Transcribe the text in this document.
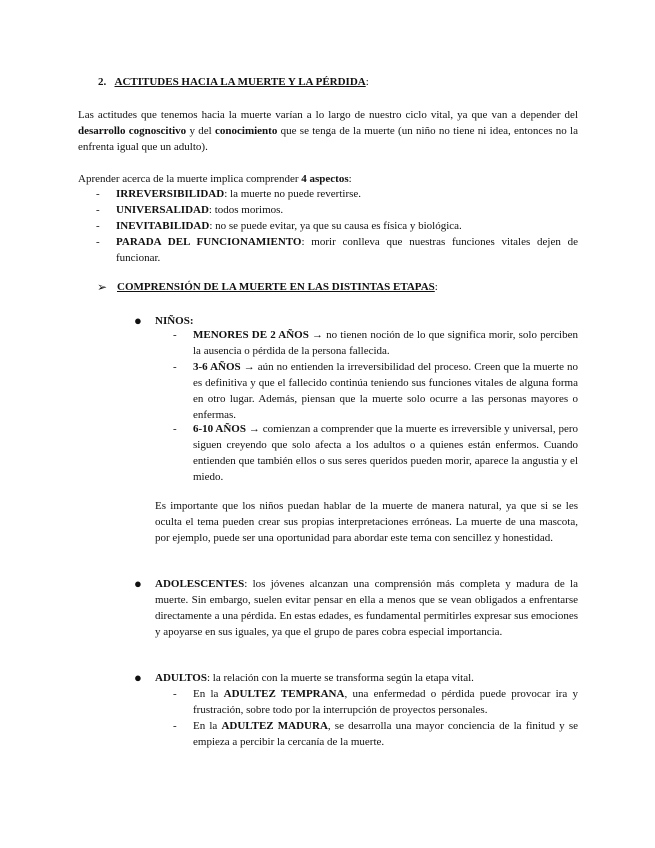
2. ACTITUDES HACIA LA MUERTE Y LA PÉRDIDA:

Las actitudes que tenemos hacia la muerte varían a lo largo de nuestro ciclo vital, ya que van a depender del desarrollo cognoscitivo y del conocimiento que se tenga de la muerte (un niño no tiene ni idea, entonces no la enfrenta igual que un adulto).

Aprender acerca de la muerte implica comprender 4 aspectos:

- IRREVERSIBILIDAD: la muerte no puede revertirse.

- UNIVERSALIDAD: todos morimos.

- INEVITABILIDAD: no se puede evitar, ya que su causa es física y biológica.

- PARADA DEL FUNCIONAMIENTO: morir conlleva que nuestras funciones vitales dejen de funcionar.

➢ COMPRENSIÓN DE LA MUERTE EN LAS DISTINTAS ETAPAS:
● NIÑOS:
- MENORES DE 2 AÑOS → no tienen noción de lo que significa morir, solo perciben la ausencia o pérdida de la persona fallecida.

- 3-6 AÑOS → aún no entienden la irreversibilidad del proceso. Creen que la muerte no es definitiva y que el fallecido continúa teniendo sus funciones vitales de alguna forma en otro lugar. Además, piensan que la muerte solo ocurre a las personas mayores o enfermas.

- 6-10 AÑOS → comienzan a comprender que la muerte es irreversible y universal, pero siguen creyendo que solo afecta a los adultos o a quienes están enfermos. Cuando entienden que también ellos o sus seres queridos pueden morir, aparece la angustia y el miedo.

Es importante que los niños puedan hablar de la muerte de manera natural, ya que si se les oculta el tema pueden crear sus propias interpretaciones erróneas. La muerte de una mascota, por ejemplo, puede ser una oportunidad para abordar este tema con sencillez y honestidad.

● ADOLESCENTES: los jóvenes alcanzan una comprensión más completa y madura de la muerte. Sin embargo, suelen evitar pensar en ella a menos que se vean obligados a enfrentarse directamente a una pérdida. En estas edades, es fundamental permitirles expresar sus emociones y apoyarse en sus iguales, ya que el grupo de pares cobra especial importancia.

● ADULTOS: la relación con la muerte se transforma según la etapa vital.

- En la ADULTEZ TEMPRANA, una enfermedad o pérdida puede provocar ira y frustración, sobre todo por la interrupción de proyectos personales.

- En la ADULTEZ MADURA, se desarrolla una mayor conciencia de la finitud y se empieza a percibir la cercanía de la muerte.
